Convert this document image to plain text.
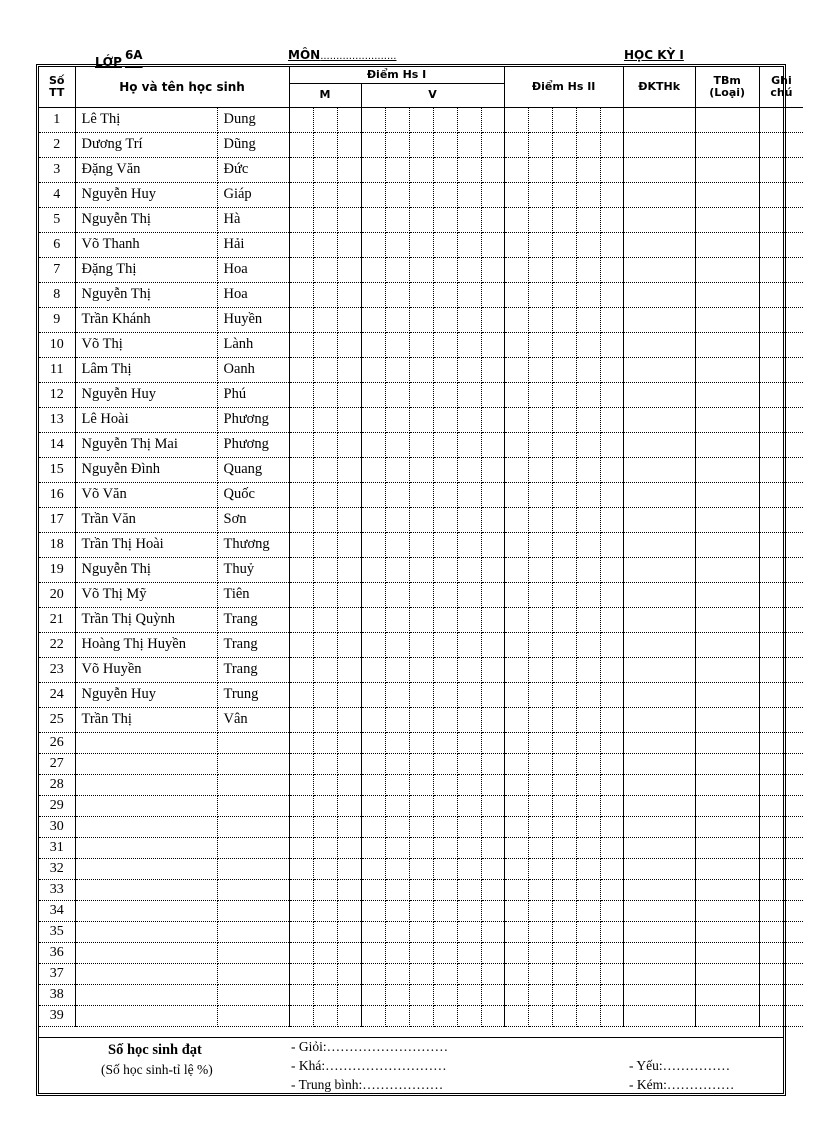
LỚP $^{6A}$	MÔN........................	HỌC KỲ I
Số TT	Họ và tên học sinh		Điểm Hs I									Điểm Hs II					ĐKTHk	TBm (Loại)	Ghi chú

			M			V													
1	Lê Thị	Dung																	
2	Dương Trí	Dũng																	
3	Đặng Văn	Đức																	
4	Nguyễn Huy	Giáp																	
5	Nguyễn Thị	Hà																	
6	Võ Thanh	Hải																	
7	Đặng Thị	Hoa																	
8	Nguyễn Thị	Hoa																	
9	Trần Khánh	Huyền																	
10	Võ Thị	Lành																	
11	Lâm Thị	Oanh																	
12	Nguyễn Huy	Phú																	
13	Lê Hoài	Phương																	
14	Nguyễn Thị Mai	Phương																	
15	Nguyễn Đình	Quang																	
16	Võ Văn	Quốc																	
17	Trần Văn	Sơn																	
18	Trần Thị Hoài	Thương																	
19	Nguyễn Thị	Thuỷ																	
20	Võ Thị Mỹ	Tiên																	
21	Trần Thị Quỳnh	Trang																	
22	Hoàng Thị Huyền	Trang																	
23	Võ Huyền	Trang																	
24	Nguyễn Huy	Trung																	
25	Trần Thị	Vân																	
26																			
27																			
28																			
29																			
30																			
31																			
32																			
33																			
34																			
35																			
36																			
37																			
38																			
39																			
Số học sinh đạt
(Số học sinh-tỉ lệ %)
- Giỏi:………………………
- Khá:………………………
- Trung bình:………………
- Yếu:……………
- Kém:……………
